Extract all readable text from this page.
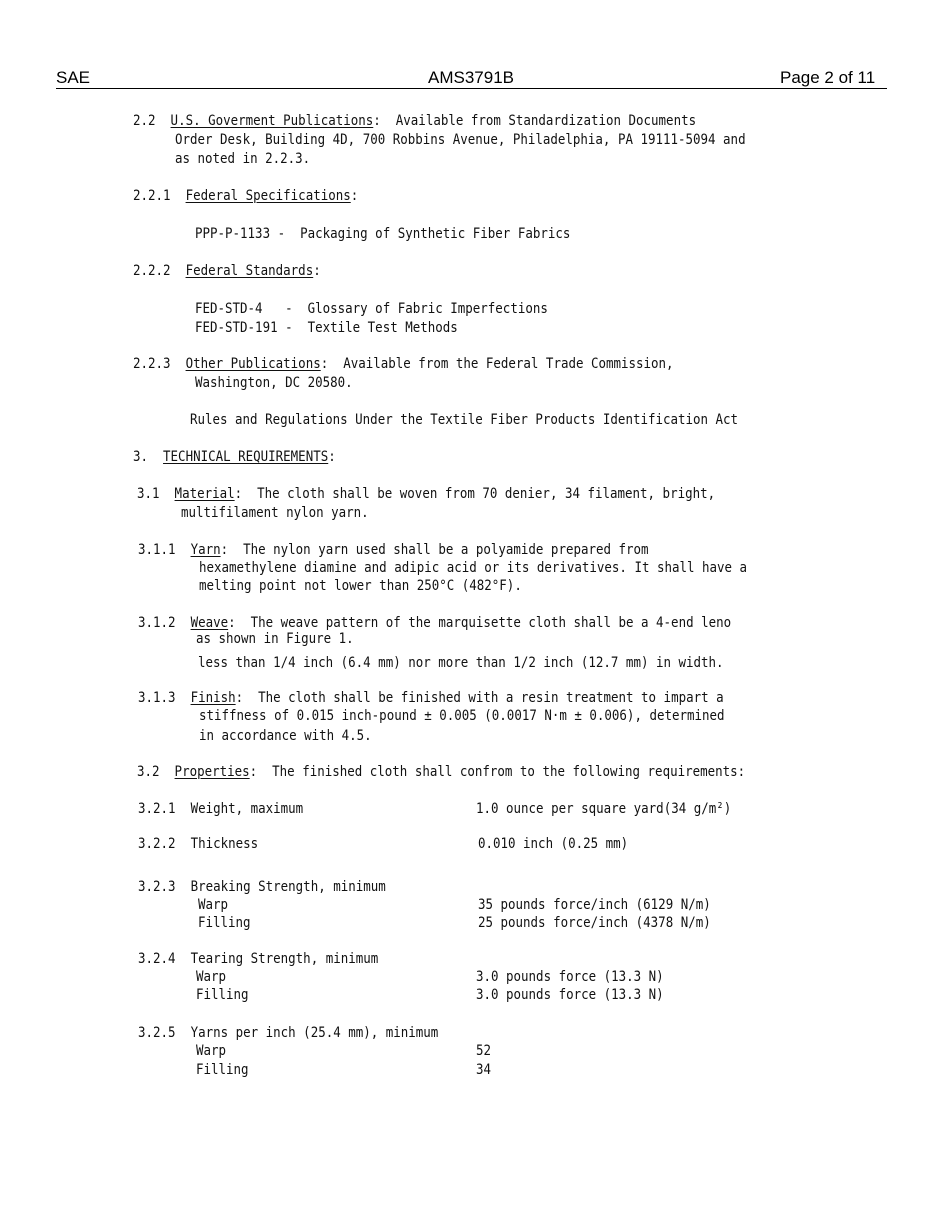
SAE	AMS3791B	Page 2 of 11
2.2 U.S. Goverment Publications:  Available from Standardization Documents
Order Desk, Building 4D, 700 Robbins Avenue, Philadelphia, PA 19111-5094 and
as noted in 2.2.3.
2.2.1 Federal Specifications:
PPP-P-1133 -  Packaging of Synthetic Fiber Fabrics
2.2.2 Federal Standards:
FED-STD-4   -  Glossary of Fabric Imperfections
FED-STD-191 -  Textile Test Methods
2.2.3 Other Publications:  Available from the Federal Trade Commission,
Washington, DC 20580.
Rules and Regulations Under the Textile Fiber Products Identification Act
3. TECHNICAL REQUIREMENTS:
3.1 Material:  The cloth shall be woven from 70 denier, 34 filament, bright,
multifilament nylon yarn.
3.1.1 Yarn:  The nylon yarn used shall be a polyamide prepared from
hexamethylene diamine and adipic acid or its derivatives. It shall have a
melting point not lower than 250°C (482°F).
3.1.2 Weave:  The weave pattern of the marquisette cloth shall be a 4-end leno
as shown in Figure 1.
less than 1/4 inch (6.4 mm) nor more than 1/2 inch (12.7 mm) in width.
3.1.3 Finish:  The cloth shall be finished with a resin treatment to impart a
stiffness of 0.015 inch-pound ± 0.005 (0.0017 N·m ± 0.006), determined
in accordance with 4.5.
3.2 Properties:  The finished cloth shall confrom to the following requirements:
3.2.1 Weight, maximum	1.0 ounce per square yard(34 g/m²)
3.2.2 Thickness	0.010 inch (0.25 mm)
3.2.3 Breaking Strength, minimum
Warp	35 pounds force/inch (6129 N/m)
Filling	25 pounds force/inch (4378 N/m)
3.2.4 Tearing Strength, minimum
Warp	3.0 pounds force (13.3 N)
Filling	3.0 pounds force (13.3 N)
3.2.5 Yarns per inch (25.4 mm), minimum
Warp	52
Filling	34
